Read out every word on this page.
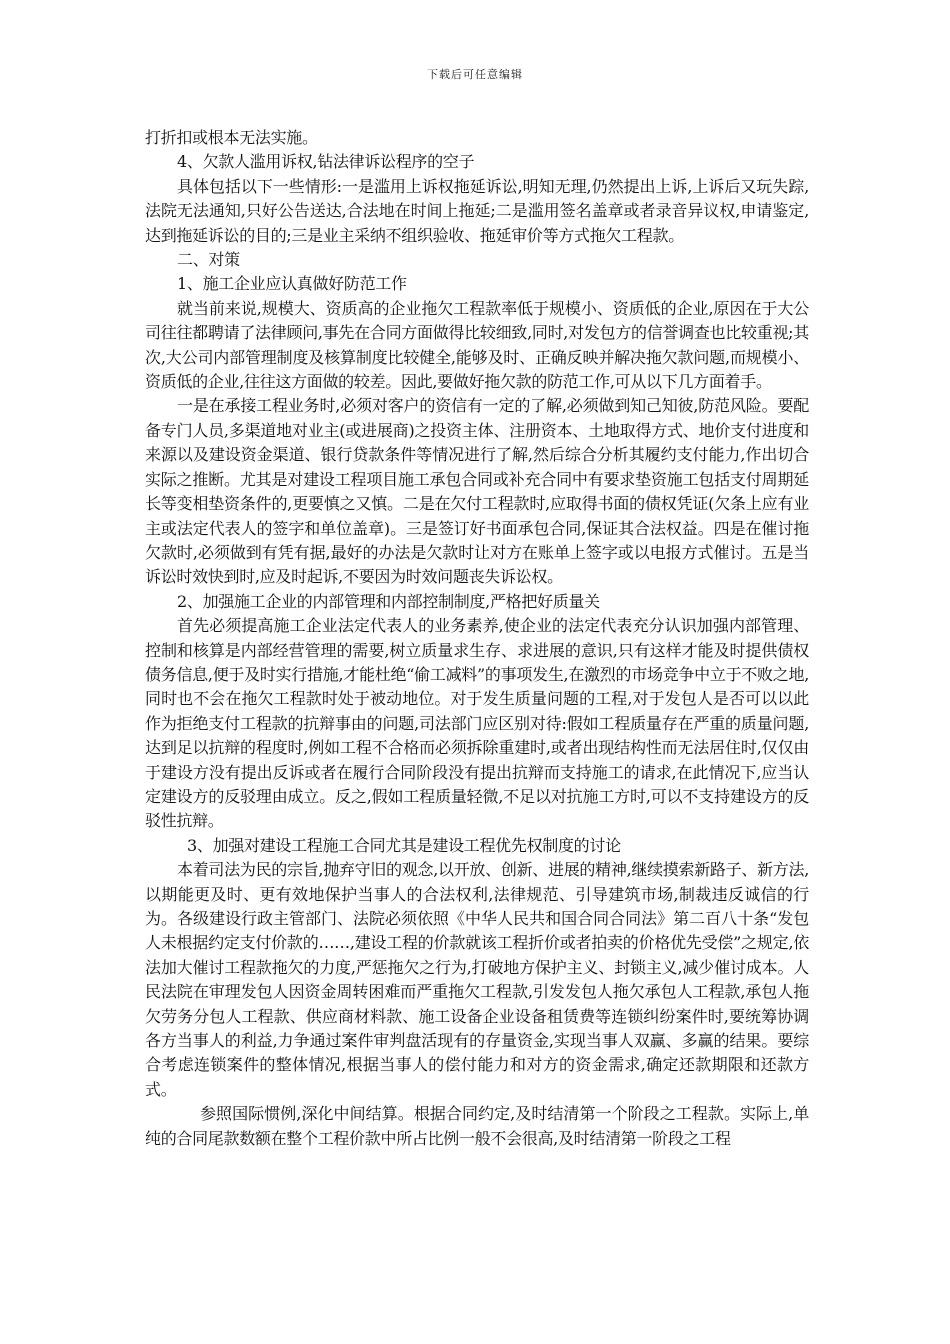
下载后可任意编辑

打折扣或根本无法实施。

4、欠款人滥用诉权,钻法律诉讼程序的空子

具体包括以下一些情形:一是滥用上诉权拖延诉讼,明知无理,仍然提出上诉,上诉后又玩失踪,法院无法通知,只好公告送达,合法地在时间上拖延;二是滥用签名盖章或者录音异议权,申请鉴定,达到拖延诉讼的目的;三是业主采纳不组织验收、拖延审价等方式拖欠工程款。

二、对策

1、施工企业应认真做好防范工作

就当前来说,规模大、资质高的企业拖欠工程款率低于规模小、资质低的企业,原因在于大公司往往都聘请了法律顾问,事先在合同方面做得比较细致,同时,对发包方的信誉调查也比较重视;其次,大公司内部管理制度及核算制度比较健全,能够及时、正确反映并解决拖欠款问题,而规模小、资质低的企业,往往这方面做的较差。因此,要做好拖欠款的防范工作,可从以下几方面着手。

一是在承接工程业务时,必须对客户的资信有一定的了解,必须做到知己知彼,防范风险。要配备专门人员,多渠道地对业主(或进展商)之投资主体、注册资本、土地取得方式、地价支付进度和来源以及建设资金渠道、银行贷款条件等情况进行了解,然后综合分析其履约支付能力,作出切合实际之推断。尤其是对建设工程项目施工承包合同或补充合同中有要求垫资施工包括支付周期延长等变相垫资条件的,更要慎之又慎。二是在欠付工程款时,应取得书面的债权凭证(欠条上应有业主或法定代表人的签字和单位盖章)。三是签订好书面承包合同,保证其合法权益。四是在催讨拖欠款时,必须做到有凭有据,最好的办法是欠款时让对方在账单上签字或以电报方式催讨。五是当诉讼时效快到时,应及时起诉,不要因为时效问题丧失诉讼权。

2、加强施工企业的内部管理和内部控制制度,严格把好质量关

首先必须提高施工企业法定代表人的业务素养,使企业的法定代表充分认识加强内部管理、控制和核算是内部经营管理的需要,树立质量求生存、求进展的意识,只有这样才能及时提供债权债务信息,便于及时实行措施,才能杜绝“偷工减料”的事项发生,在激烈的市场竞争中立于不败之地,同时也不会在拖欠工程款时处于被动地位。对于发生质量问题的工程,对于发包人是否可以以此作为拒绝支付工程款的抗辩事由的问题,司法部门应区别对待:假如工程质量存在严重的质量问题,达到足以抗辩的程度时,例如工程不合格而必须拆除重建时,或者出现结构性而无法居住时,仅仅由于建设方没有提出反诉或者在履行合同阶段没有提出抗辩而支持施工的请求,在此情况下,应当认定建设方的反驳理由成立。反之,假如工程质量轻微,不足以对抗施工方时,可以不支持建设方的反驳性抗辩。

3、加强对建设工程施工合同尤其是建设工程优先权制度的讨论

本着司法为民的宗旨,抛弃守旧的观念,以开放、创新、进展的精神,继续摸索新路子、新方法,以期能更及时、更有效地保护当事人的合法权利,法律规范、引导建筑市场,制裁违反诚信的行为。各级建设行政主管部门、法院必须依照《中华人民共和国合同合同法》第二百八十条“发包人未根据约定支付价款的……,建设工程的价款就该工程折价或者拍卖的价格优先受偿”之规定,依法加大催讨工程款拖欠的力度,严惩拖欠之行为,打破地方保护主义、封锁主义,减少催讨成本。人民法院在审理发包人因资金周转困难而严重拖欠工程款,引发发包人拖欠承包人工程款,承包人拖欠劳务分包人工程款、供应商材料款、施工设备企业设备租赁费等连锁纠纷案件时,要统筹协调各方当事人的利益,力争通过案件审判盘活现有的存量资金,实现当事人双赢、多赢的结果。要综合考虑连锁案件的整体情况,根据当事人的偿付能力和对方的资金需求,确定还款期限和还款方式。

参照国际惯例,深化中间结算。根据合同约定,及时结清第一个阶段之工程款。实际上,单纯的合同尾款数额在整个工程价款中所占比例一般不会很高,及时结清第一阶段之工程
